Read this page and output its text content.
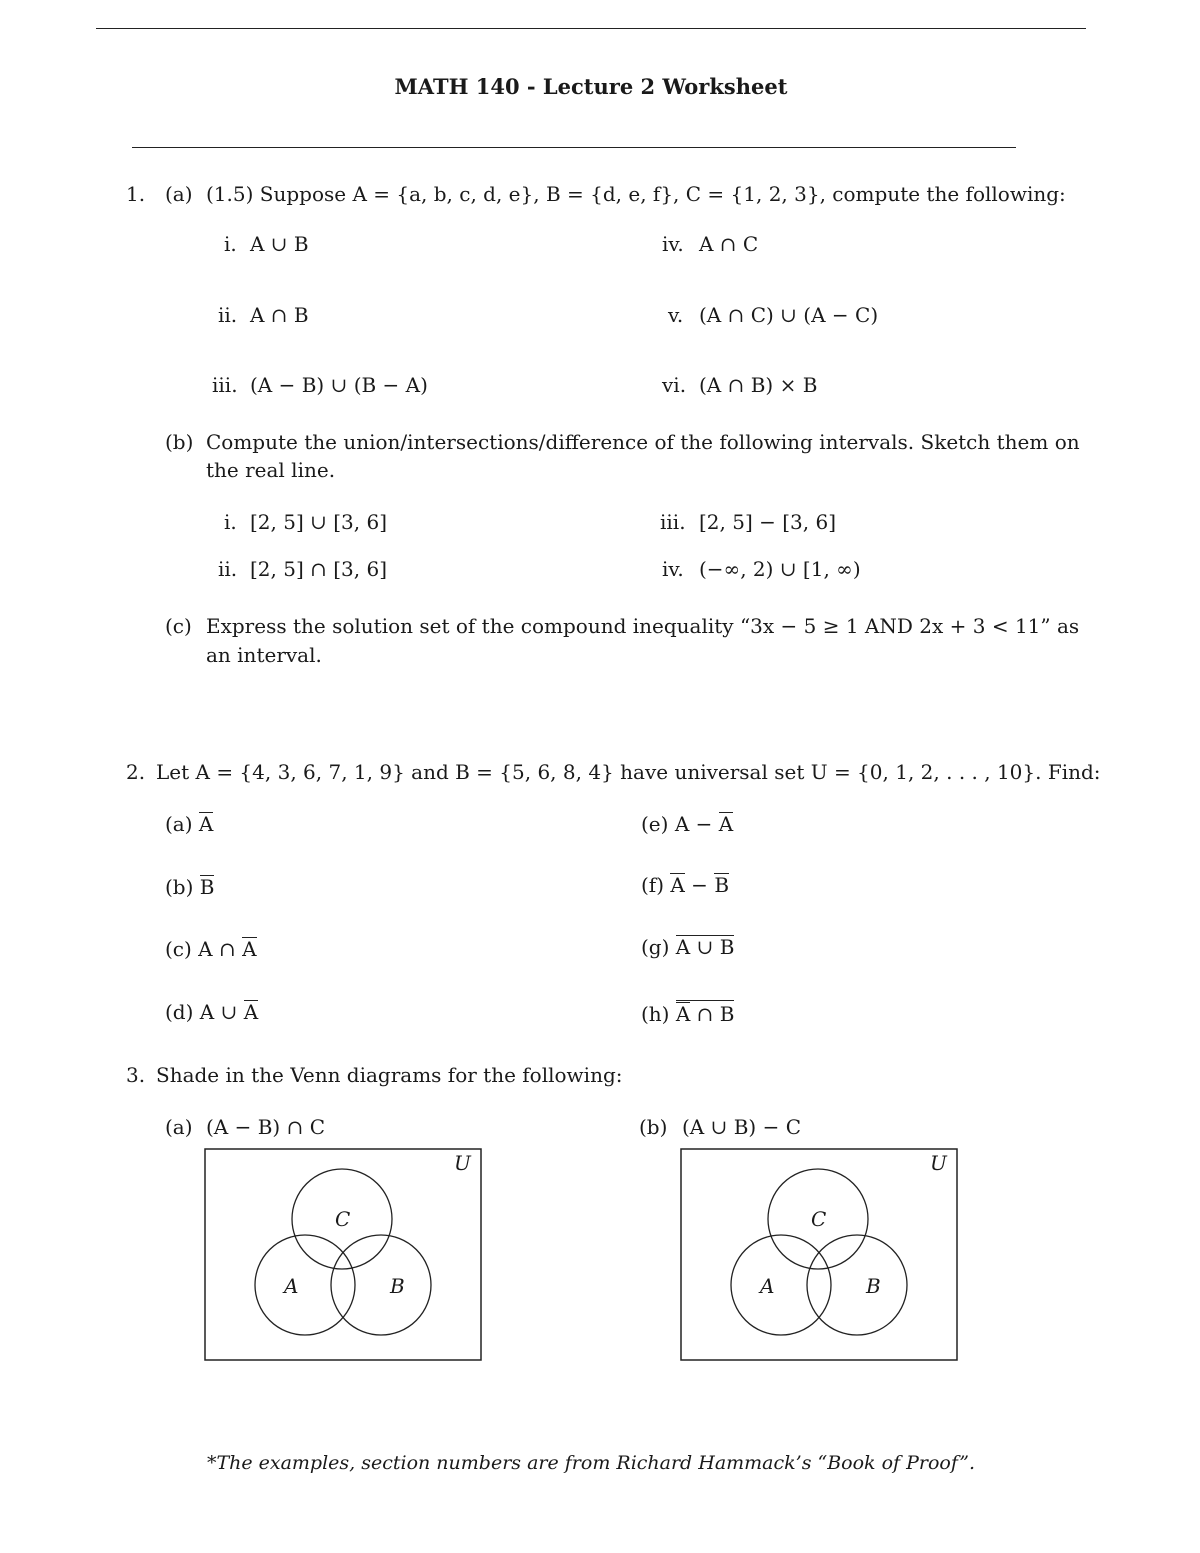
MATH 140 - Lecture 2 Worksheet
1. (a) (1.5) Suppose A = {a, b, c, d, e}, B = {d, e, f}, C = {1, 2, 3}, compute the following:
i. A ∪ B
ii. A ∩ B
iii. (A − B) ∪ (B − A)
iv. A ∩ C
v. (A ∩ C) ∪ (A − C)
vi. (A ∩ B) × B
(b) Compute the union/intersections/difference of the following intervals. Sketch them on
the real line.
i. [2, 5] ∪ [3, 6]
ii. [2, 5] ∩ [3, 6]
iii. [2, 5] − [3, 6]
iv. (−∞, 2) ∪ [1, ∞)
(c) Express the solution set of the compound inequality “3x − 5 ≥ 1 AND 2x + 3 < 11” as
an interval.
2. Let A = {4, 3, 6, 7, 1, 9} and B = {5, 6, 8, 4} have universal set U = {0, 1, 2, . . . , 10}. Find:
(a) A
(b) B
(c) A ∩ A
(d) A ∪ A
(e) A − A
(f) A − B
(g) A ∪ B
(h) A ∩ B
3. Shade in the Venn diagrams for the following:
(a) (A − B) ∩ C	(b) (A ∪ B) − C
U
C
A	B
U
C
A	B
*The examples, section numbers are from Richard Hammack’s “Book of Proof”.
